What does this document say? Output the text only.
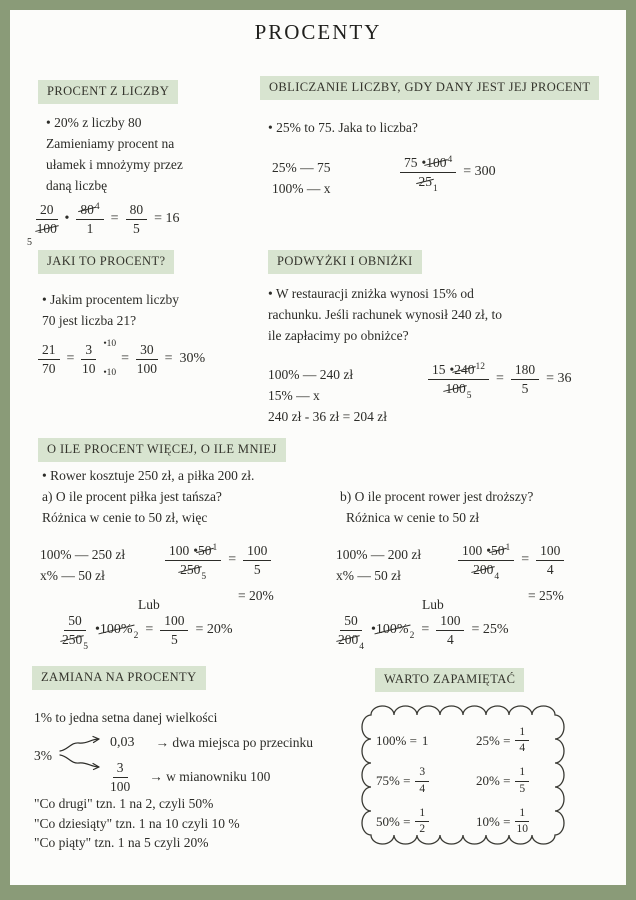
PROCENTY
PROCENT Z LICZBY
• 20% z liczby 80
Zamieniamy procent na
ułamek i mnożymy przez
daną liczbę
20
100
5
• $\frac{80^4}{1} = \frac{80}{5} = 16$
OBLICZANIE LICZBY, GDY DANY JEST JEJ PROCENT
• 25% to 75. Jaka to liczba?
25% — 75
100% — x	$\frac{75 •100^4}{25_1} = 300$
JAKI TO PROCENT?
• Jakim procentem liczby
70 jest liczba 21?
$\frac{21}{70}$ =
3
10
•10
•10
= $\frac{30}{100} = 30\%$
PODWYŻKI I OBNIŻKI
• W restauracji zniżka wynosi 15% od
rachunku. Jeśli rachunek wynosił 240 zł, to
ile zapłacimy po obniżce?
100% — 240 zł
15% — x
240 zł - 36 zł = 204 zł
$\frac{15 •240^{12}}{100_5} = \frac{180}{5} = 36$
O ILE PROCENT WIĘCEJ, O ILE MNIEJ
• Rower kosztuje 250 zł, a piłka 200 zł.
a) O ile procent piłka jest tańsza?
Różnica w cenie to 50 zł, więc
b) O ile procent rower jest droższy?
Różnica w cenie to 50 zł
100% — 250 zł
x% — 50 zł	$\frac{100 •50^1}{250_5} = \frac{100}{5}$
= 20%
Lub
$\frac{50}{250_5}$ $•100\%_2 = \frac{100}{5} = 20\%$
100% — 200 zł
x% — 50 zł	$\frac{100 •50^1}{200_4} = \frac{100}{4}$
= 25%
Lub
$\frac{50}{200_4}$ $•100\%_2 = \frac{100}{4} = 25\%$
ZAMIANA NA PROCENTY
1% to jedna setna danej wielkości
3%
0,03 → dwa miejsca po przecinku
$\frac{3}{100} \to w$ mianowniku 100
"Co drugi" tzn. 1 na 2, czyli 50%
"Co dziesiąty" tzn. 1 na 10 czyli 10 %
"Co piąty" tzn. 1 na 5 czyli 20%
WARTO ZAPAMIĘTAĆ
100% = 1	$25\% = \frac{1}{4}$
$75\% = \frac{3}{4}$	$20\% = \frac{1}{5}$
$50\% = \frac{1}{2}$	$10\% = \frac{1}{10}$
